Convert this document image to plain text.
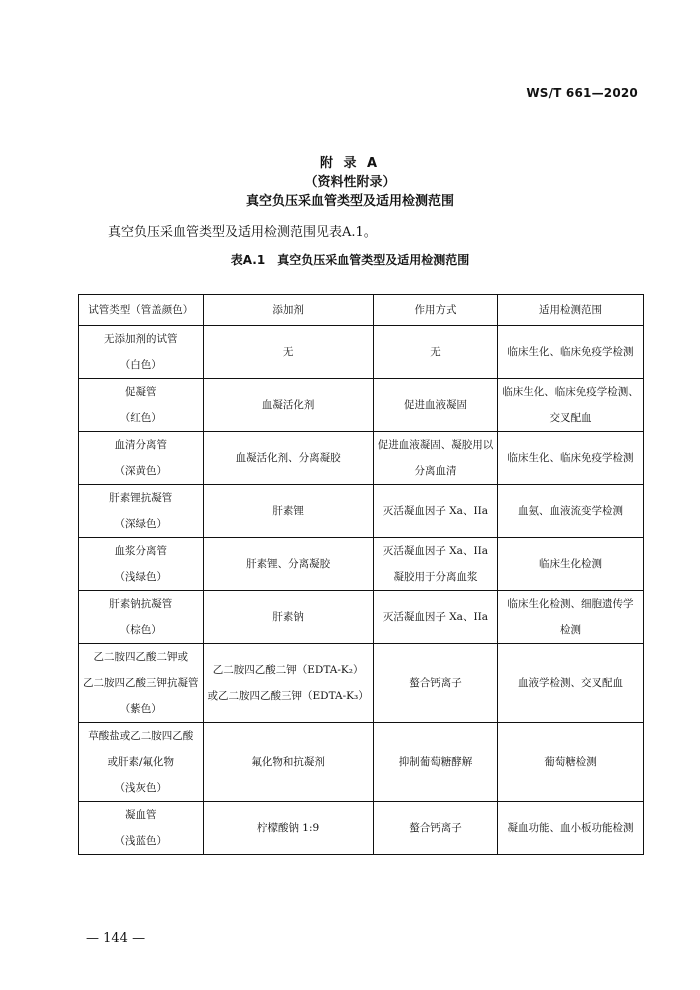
WS/T 661—2020
附 录 A
（资料性附录）
真空负压采血管类型及适用检测范围
真空负压采血管类型及适用检测范围见表A.1。
表A.1　真空负压采血管类型及适用检测范围
试管类型（管盖颜色）	添加剂	作用方式	适用检测范围

无添加剂的试管
（白色）	无	无	临床生化、临床免疫学检测

促凝管
（红色）	血凝活化剂	促进血液凝固	临床生化、临床免疫学检测、
交叉配血

血清分离管
（深黄色）	血凝活化剂、分离凝胶	促进血液凝固、凝胶用以
分离血清	临床生化、临床免疫学检测

肝素锂抗凝管
（深绿色）	肝素锂	灭活凝血因子 Xa、IIa	血氨、血液流变学检测

血浆分离管
（浅绿色）	肝素锂、分离凝胶	灭活凝血因子 Xa、IIa
凝胶用于分离血浆	临床生化检测

肝素钠抗凝管
（棕色）	肝素钠	灭活凝血因子 Xa、IIa	临床生化检测、细胞遗传学
检测

乙二胺四乙酸二钾或
乙二胺四乙酸三钾抗凝管
（紫色）	乙二胺四乙酸二钾（EDTA-K₂）
或乙二胺四乙酸三钾（EDTA-K₃）	螯合钙离子	血液学检测、交叉配血

草酸盐或乙二胺四乙酸
或肝素/氟化物
（浅灰色）	氟化物和抗凝剂	抑制葡萄糖酵解	葡萄糖检测

凝血管
（浅蓝色）	柠檬酸钠 1:9	螯合钙离子	凝血功能、血小板功能检测
— 144 —
